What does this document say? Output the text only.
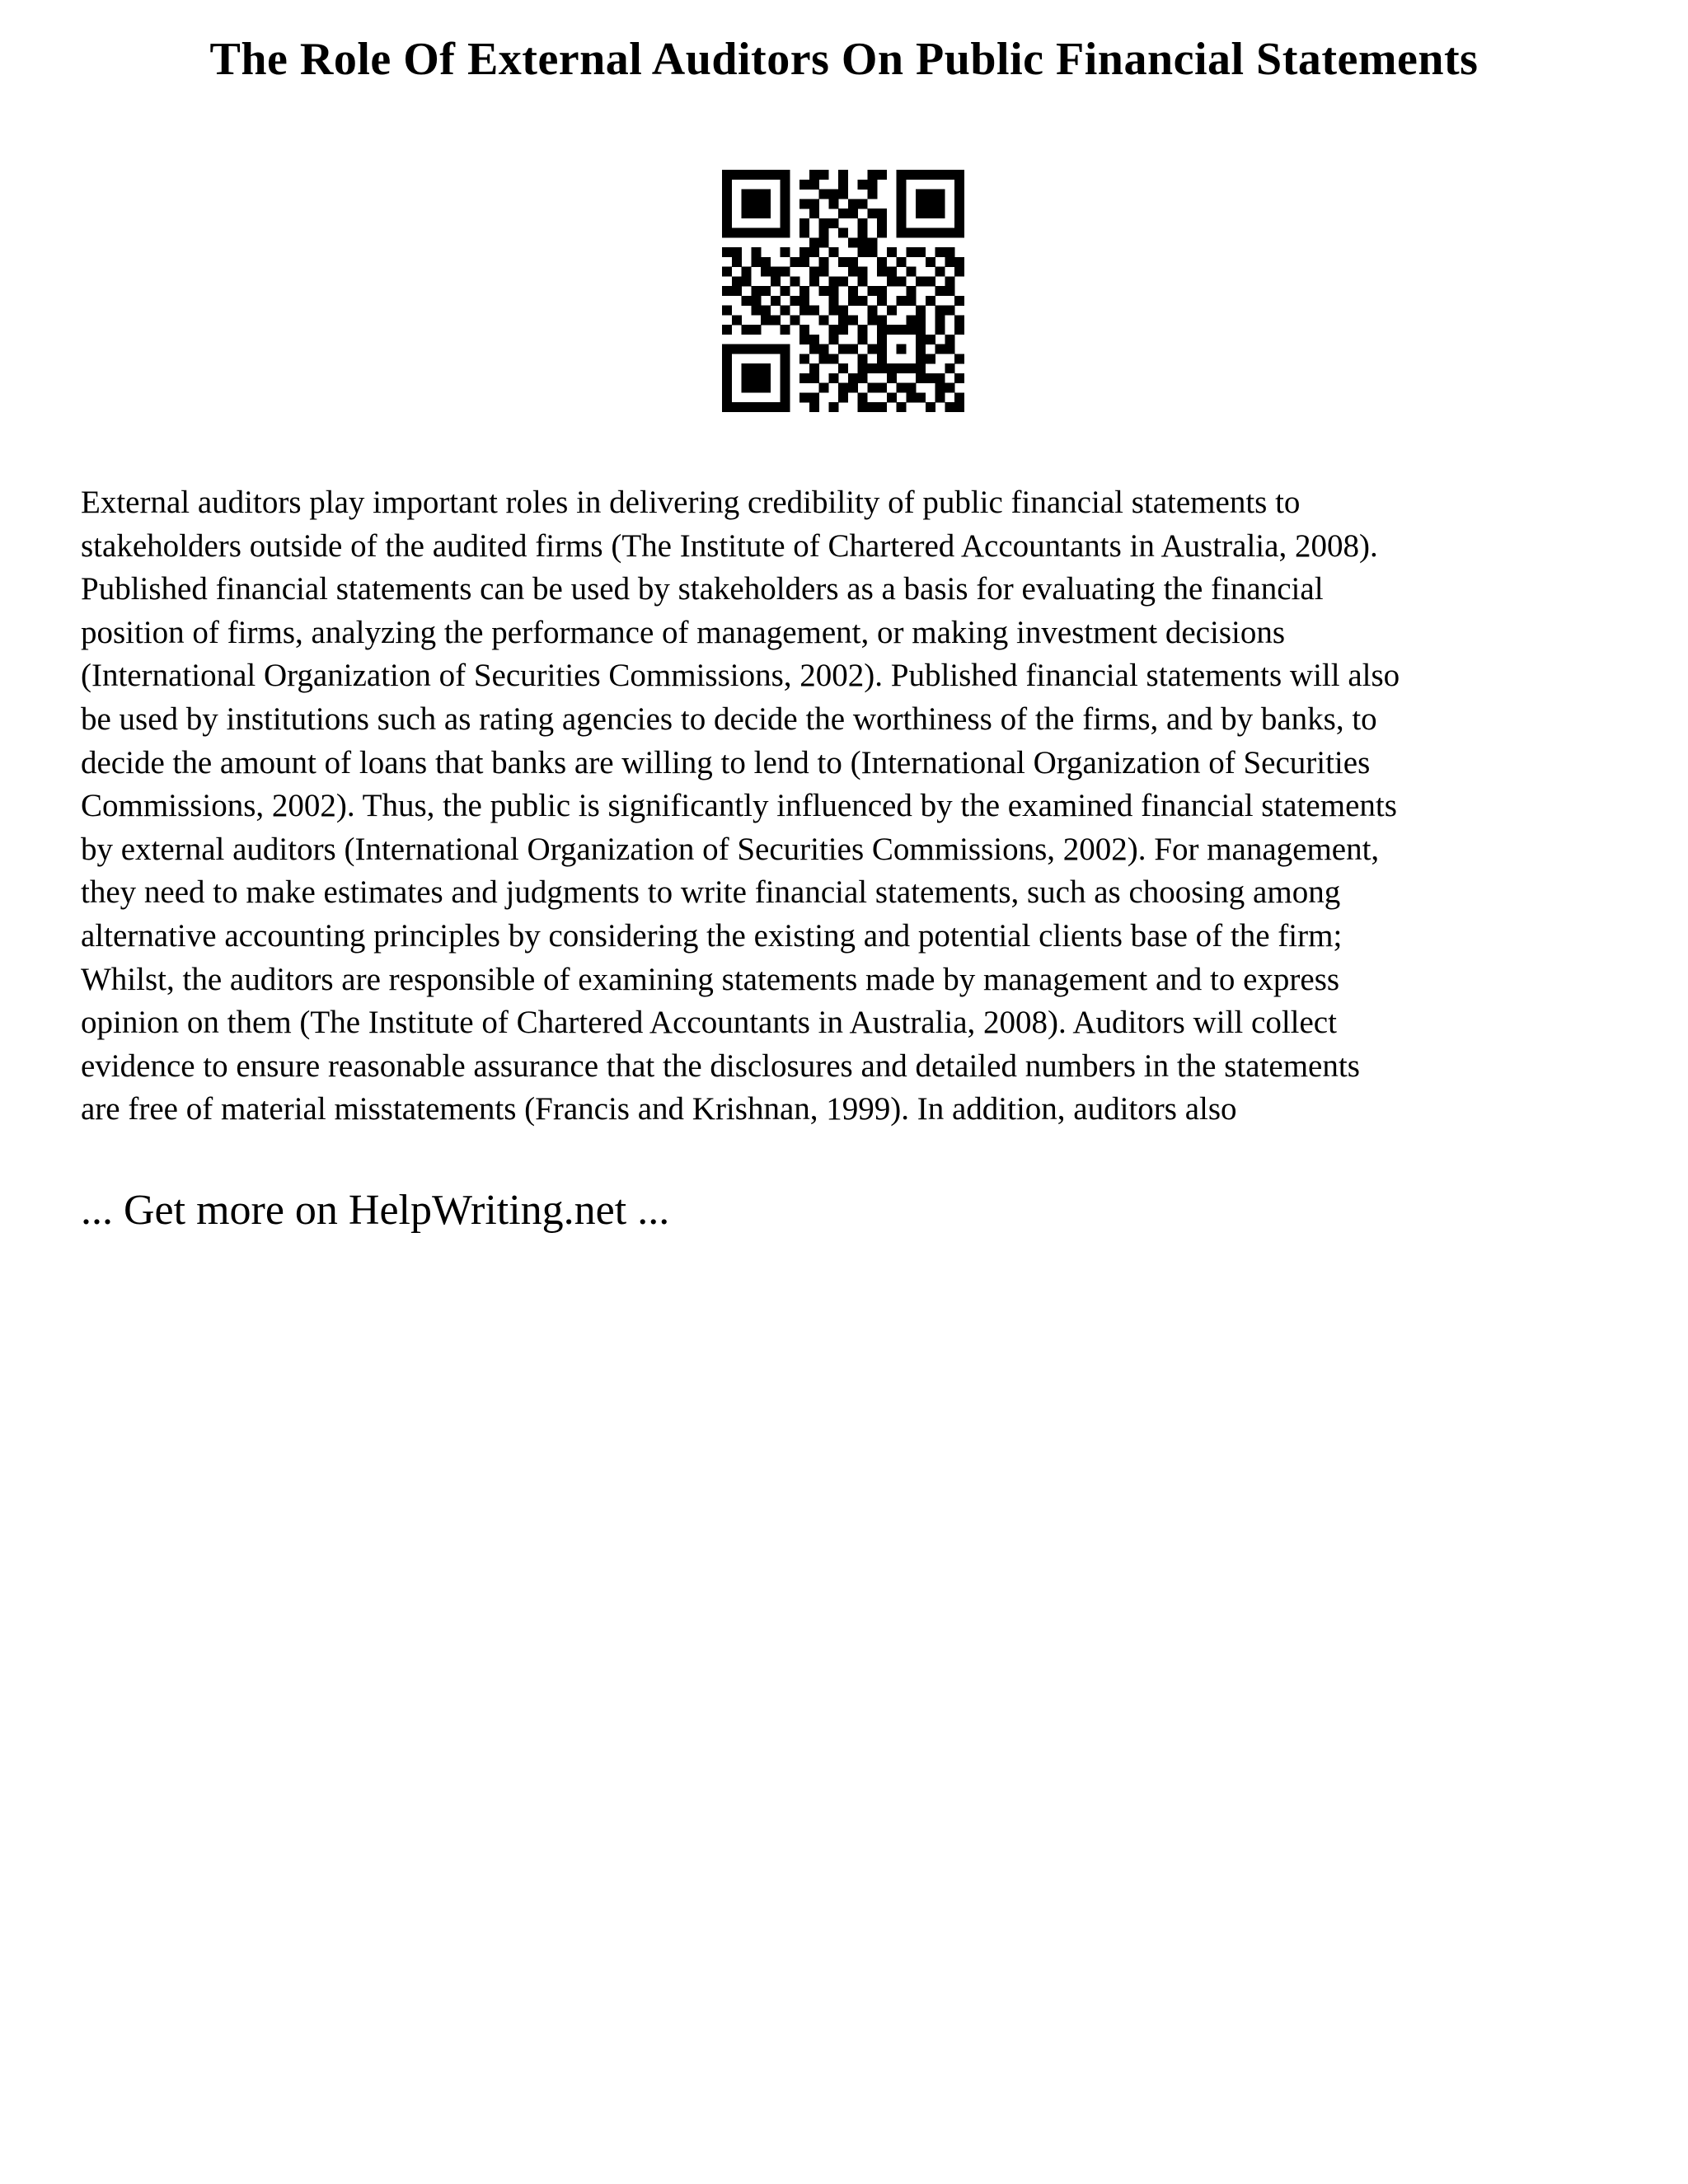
The Role Of External Auditors On Public Financial Statements
External auditors play important roles in delivering credibility of public financial statements to
stakeholders outside of the audited firms (The Institute of Chartered Accountants in Australia, 2008).
Published financial statements can be used by stakeholders as a basis for evaluating the financial
position of firms, analyzing the performance of management, or making investment decisions
(International Organization of Securities Commissions, 2002). Published financial statements will also
be used by institutions such as rating agencies to decide the worthiness of the firms, and by banks, to
decide the amount of loans that banks are willing to lend to (International Organization of Securities
Commissions, 2002). Thus, the public is significantly influenced by the examined financial statements
by external auditors (International Organization of Securities Commissions, 2002). For management,
they need to make estimates and judgments to write financial statements, such as choosing among
alternative accounting principles by considering the existing and potential clients base of the firm;
Whilst, the auditors are responsible of examining statements made by management and to express
opinion on them (The Institute of Chartered Accountants in Australia, 2008). Auditors will collect
evidence to ensure reasonable assurance that the disclosures and detailed numbers in the statements
are free of material misstatements (Francis and Krishnan, 1999). In addition, auditors also
... Get more on HelpWriting.net ...
